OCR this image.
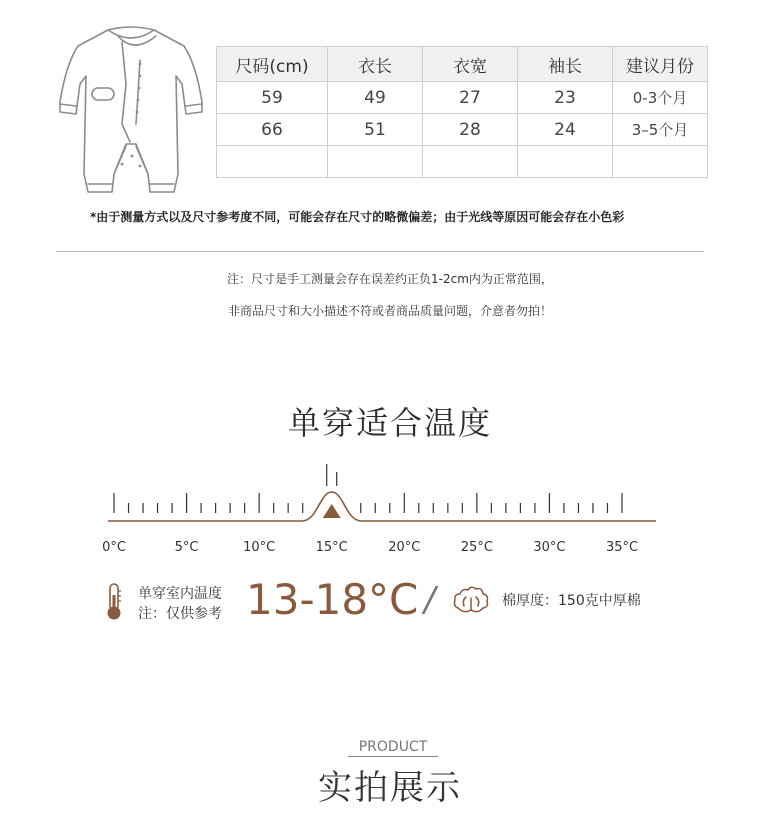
尺码(cm)	衣长	衣宽	袖长	建议月份
59	49	27	23	0-3个月
66	51	28	24	3–5个月

*由于测量方式以及尺寸参考度不同，可能会存在尺寸的略微偏差；由于光线等原因可能会存在小色彩
注：尺寸是手工测量会存在误差约正负1-2cm内为正常范围，
非商品尺寸和大小描述不符或者商品质量问题，介意者勿拍！
单穿适合温度
0°C	5°C	10°C	15°C	20°C	25°C	30°C	35°C
单穿室内温度
注：仅供参考 13-18°C /	棉厚度：150克中厚棉
PRODUCT
实拍展示
